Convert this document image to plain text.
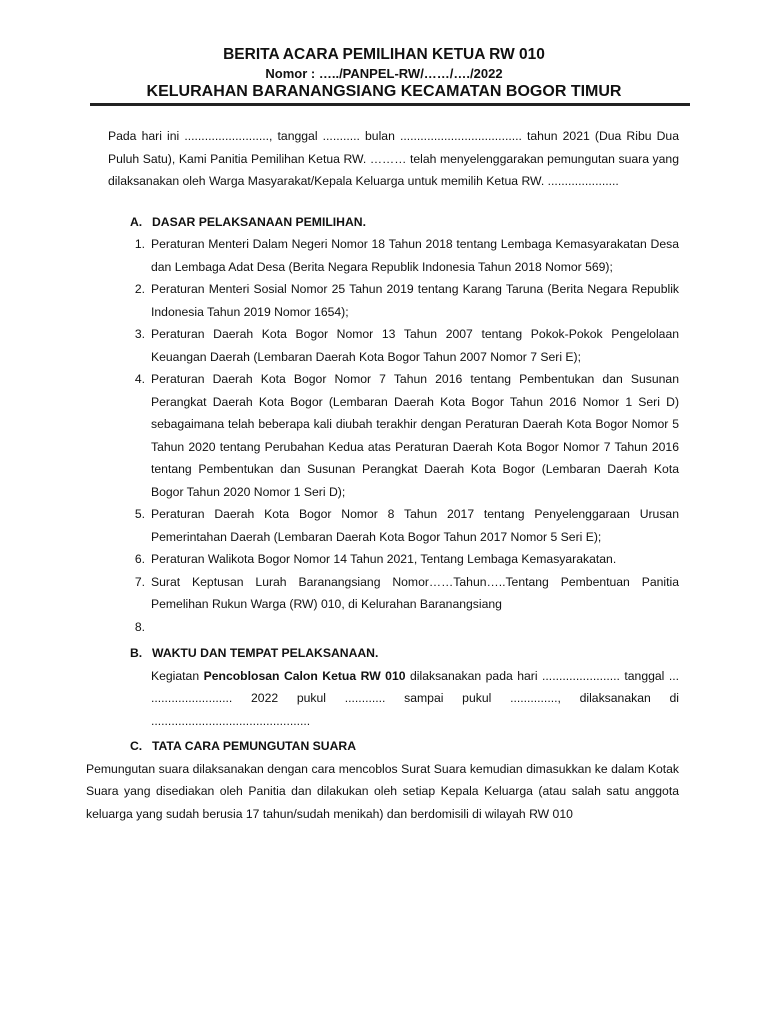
BERITA ACARA PEMILIHAN KETUA RW 010
Nomor : …../PANPEL-RW/……/…./2022
KELURAHAN BARANANGSIANG KECAMATAN BOGOR TIMUR

Pada hari ini ........................., tanggal ........... bulan .................................... tahun 2021 (Dua Ribu Dua Puluh Satu), Kami Panitia Pemilihan Ketua RW. ……… telah menyelenggarakan pemungutan suara yang dilaksanakan oleh Warga Masyarakat/Kepala Keluarga untuk memilih Ketua RW. .....................

A. DASAR PELAKSANAAN PEMILIHAN.
1. Peraturan Menteri Dalam Negeri Nomor 18 Tahun 2018 tentang Lembaga Kemasyarakatan Desa dan Lembaga Adat Desa (Berita Negara Republik Indonesia Tahun 2018 Nomor 569);
2. Peraturan Menteri Sosial Nomor 25 Tahun 2019 tentang Karang Taruna (Berita Negara Republik Indonesia Tahun 2019 Nomor 1654);
3. Peraturan Daerah Kota Bogor Nomor 13 Tahun 2007 tentang Pokok-Pokok Pengelolaan Keuangan Daerah (Lembaran Daerah Kota Bogor Tahun 2007 Nomor 7 Seri E);
4. Peraturan Daerah Kota Bogor Nomor 7 Tahun 2016 tentang Pembentukan dan Susunan Perangkat Daerah Kota Bogor (Lembaran Daerah Kota Bogor Tahun 2016 Nomor 1 Seri D) sebagaimana telah beberapa kali diubah terakhir dengan Peraturan Daerah Kota Bogor Nomor 5 Tahun 2020 tentang Perubahan Kedua atas Peraturan Daerah Kota Bogor Nomor 7 Tahun 2016 tentang Pembentukan dan Susunan Perangkat Daerah Kota Bogor (Lembaran Daerah Kota Bogor Tahun 2020 Nomor 1 Seri D);
5. Peraturan Daerah Kota Bogor Nomor 8 Tahun 2017 tentang Penyelenggaraan Urusan Pemerintahan Daerah (Lembaran Daerah Kota Bogor Tahun 2017 Nomor 5 Seri E);
6. Peraturan Walikota Bogor Nomor 14 Tahun 2021, Tentang Lembaga Kemasyarakatan.
7. Surat Keptusan Lurah Baranangsiang Nomor……Tahun…..Tentang Pembentuan Panitia Pemelihan Rukun Warga (RW) 010, di Kelurahan Baranangsiang
8.
B. WAKTU DAN TEMPAT PELAKSANAAN.

Kegiatan Pencoblosan Calon Ketua RW 010 dilaksanakan pada hari ....................... tanggal ... ........................ 2022 pukul ............ sampai pukul .............., dilaksanakan di ...............................................

C. TATA CARA PEMUNGUTAN SUARA

Pemungutan suara dilaksanakan dengan cara mencoblos Surat Suara kemudian dimasukkan ke dalam Kotak Suara yang disediakan oleh Panitia dan dilakukan oleh setiap Kepala Keluarga (atau salah satu anggota keluarga yang sudah berusia 17 tahun/sudah menikah) dan berdomisili di wilayah RW 010
